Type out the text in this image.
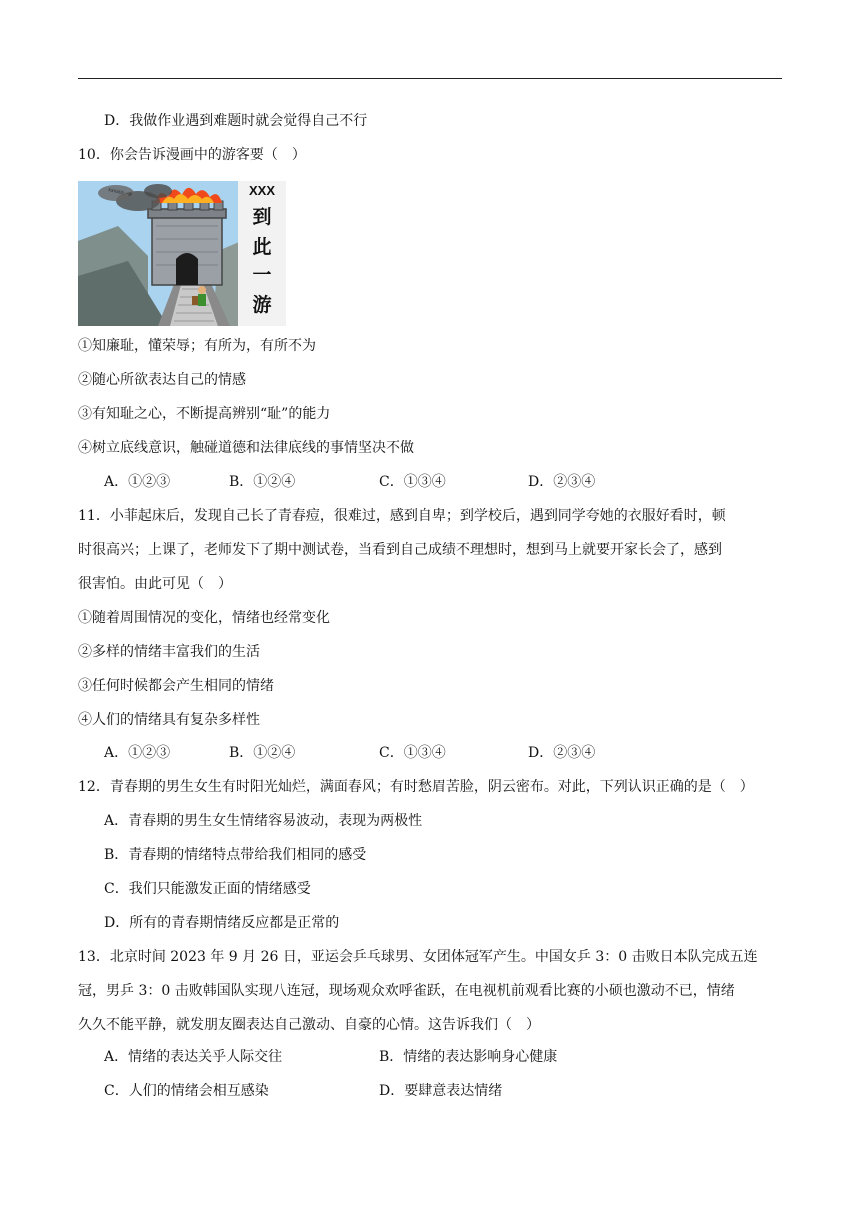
D．我做作业遇到难题时就会觉得自己不行
10．你会告诉漫画中的游客要（　）
XXX
到
此
一
游
XXX到此一游
①知廉耻，懂荣辱；有所为，有所不为
②随心所欲表达自己的情感
③有知耻之心，不断提高辨别“耻”的能力
④树立底线意识，触碰道德和法律底线的事情坚决不做
A．①②③	B．①②④	C．①③④	D．②③④
11．小菲起床后，发现自己长了青春痘，很难过，感到自卑；到学校后，遇到同学夸她的衣服好看时，顿
时很高兴；上课了，老师发下了期中测试卷，当看到自己成绩不理想时，想到马上就要开家长会了，感到
很害怕。由此可见（　）
①随着周围情况的变化，情绪也经常变化
②多样的情绪丰富我们的生活
③任何时候都会产生相同的情绪
④人们的情绪具有复杂多样性
A．①②③	B．①②④	C．①③④	D．②③④
12．青春期的男生女生有时阳光灿烂，满面春风；有时愁眉苦脸，阴云密布。对此，下列认识正确的是（　）
A．青春期的男生女生情绪容易波动，表现为两极性
B．青春期的情绪特点带给我们相同的感受
C．我们只能激发正面的情绪感受
D．所有的青春期情绪反应都是正常的
13．北京时间 2023 年 9 月 26 日，亚运会乒乓球男、女团体冠军产生。中国女乒 3：0 击败日本队完成五连
冠，男乒 3：0 击败韩国队实现八连冠，现场观众欢呼雀跃，在电视机前观看比赛的小硕也激动不已，情绪
久久不能平静，就发朋友圈表达自己激动、自豪的心情。这告诉我们（　）
A．情绪的表达关乎人际交往	B．情绪的表达影响身心健康
C．人们的情绪会相互感染	D．要肆意表达情绪
